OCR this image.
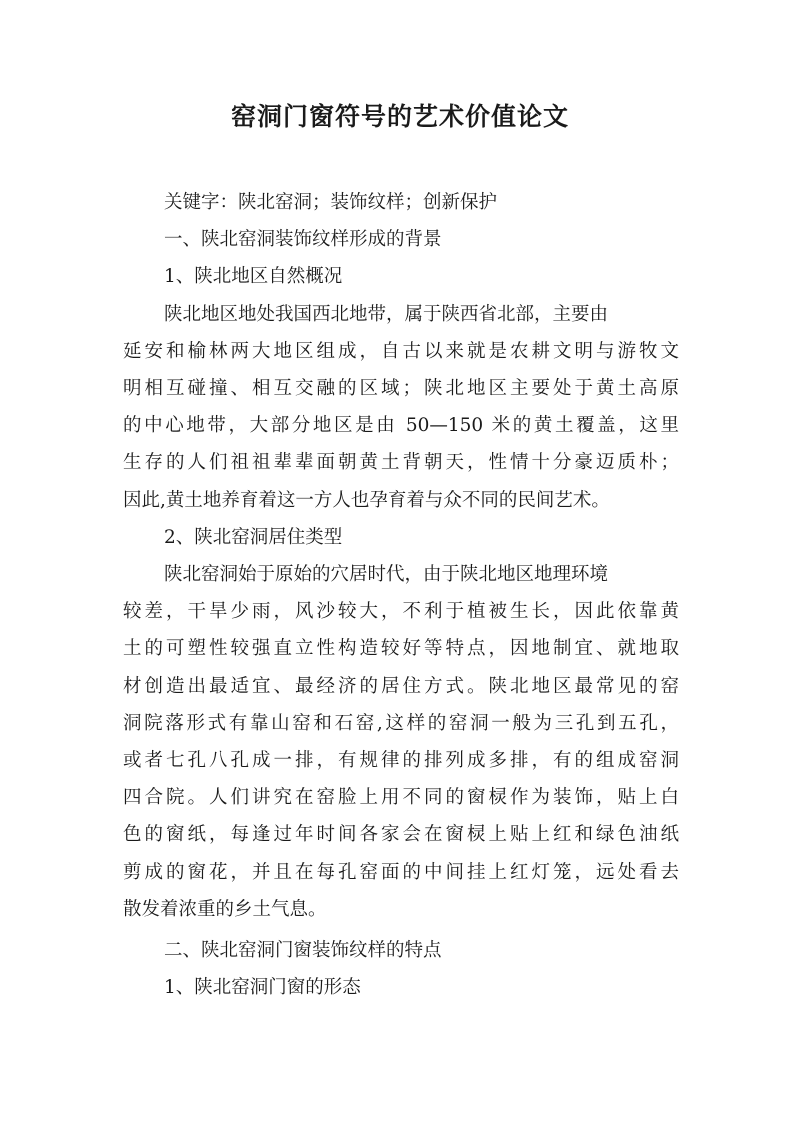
窑洞门窗符号的艺术价值论文

关键字：陕北窑洞；装饰纹样；创新保护

一、陕北窑洞装饰纹样形成的背景

1、陕北地区自然概况

陕北地区地处我国西北地带，属于陕西省北部，主要由

延安和榆林两大地区组成，自古以来就是农耕文明与游牧文

明相互碰撞、相互交融的区域；陕北地区主要处于黄土高原

的中心地带，大部分地区是由 50—150 米的黄土覆盖，这里

生存的人们祖祖辈辈面朝黄土背朝天，性情十分豪迈质朴；

因此,黄土地养育着这一方人也孕育着与众不同的民间艺术。

2、陕北窑洞居住类型

陕北窑洞始于原始的穴居时代，由于陕北地区地理环境

较差，干旱少雨，风沙较大，不利于植被生长，因此依靠黄

土的可塑性较强直立性构造较好等特点，因地制宜、就地取

材创造出最适宜、最经济的居住方式。陕北地区最常见的窑

洞院落形式有靠山窑和石窑,这样的窑洞一般为三孔到五孔，

或者七孔八孔成一排，有规律的排列成多排，有的组成窑洞

四合院。人们讲究在窑脸上用不同的窗棂作为装饰，贴上白

色的窗纸，每逢过年时间各家会在窗棂上贴上红和绿色油纸

剪成的窗花，并且在每孔窑面的中间挂上红灯笼，远处看去

散发着浓重的乡土气息。

二、陕北窑洞门窗装饰纹样的特点

1、陕北窑洞门窗的形态
